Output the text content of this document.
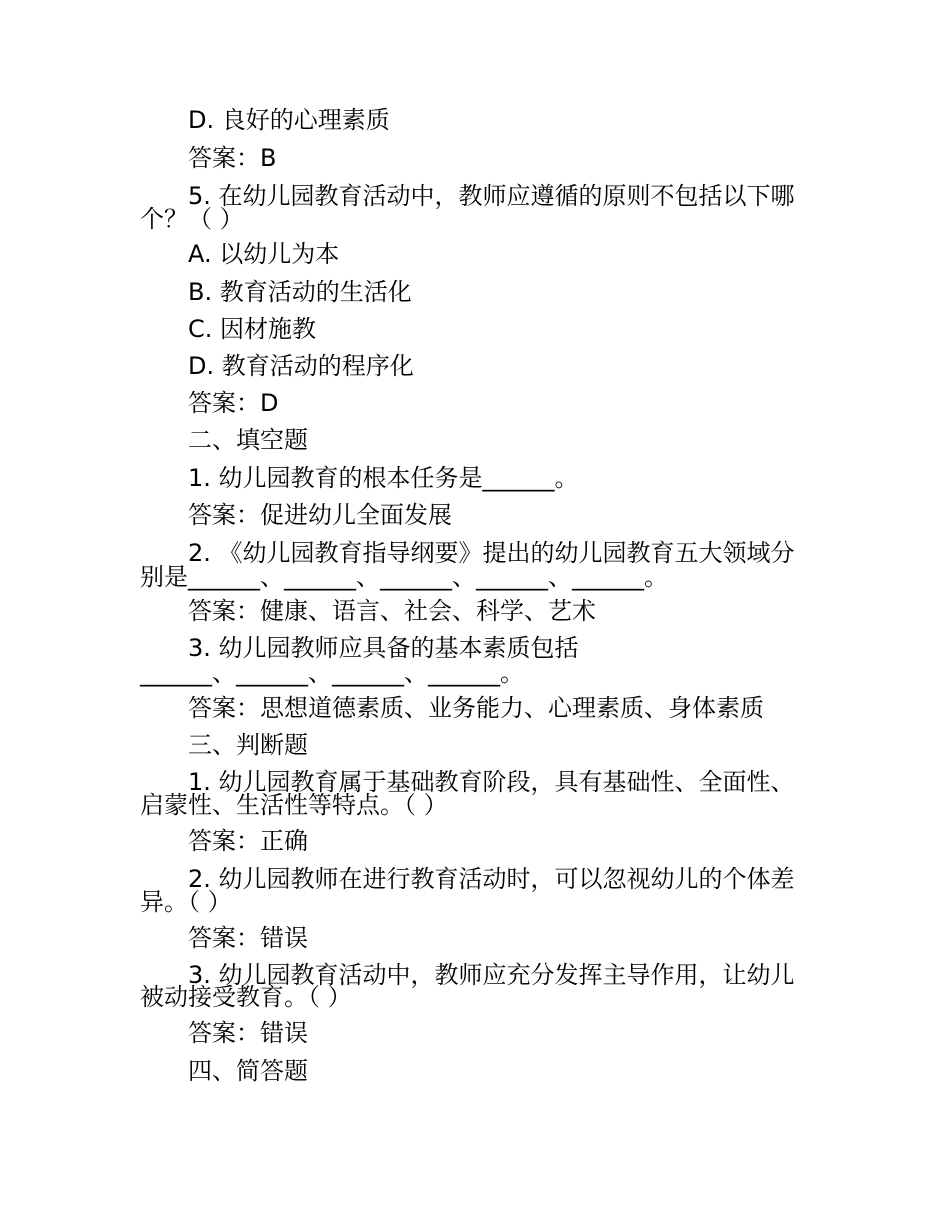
D. 良好的心理素质

答案：B

5. 在幼儿园教育活动中，教师应遵循的原则不包括以下哪

个？（ ）

A. 以幼儿为本

B. 教育活动的生活化

C. 因材施教

D. 教育活动的程序化

答案：D

二、填空题

1. 幼儿园教育的根本任务是______。

答案：促进幼儿全面发展

2. 《幼儿园教育指导纲要》提出的幼儿园教育五大领域分

别是______、______、______、______、______。

答案：健康、语言、社会、科学、艺术

3. 幼儿园教师应具备的基本素质包括

______、______、______、______。

答案：思想道德素质、业务能力、心理素质、身体素质

三、判断题

1. 幼儿园教育属于基础教育阶段，具有基础性、全面性、

启蒙性、生活性等特点。（ ）

答案：正确

2. 幼儿园教师在进行教育活动时，可以忽视幼儿的个体差

异。（ ）

答案：错误

3. 幼儿园教育活动中，教师应充分发挥主导作用，让幼儿

被动接受教育。（ ）

答案：错误

四、简答题
